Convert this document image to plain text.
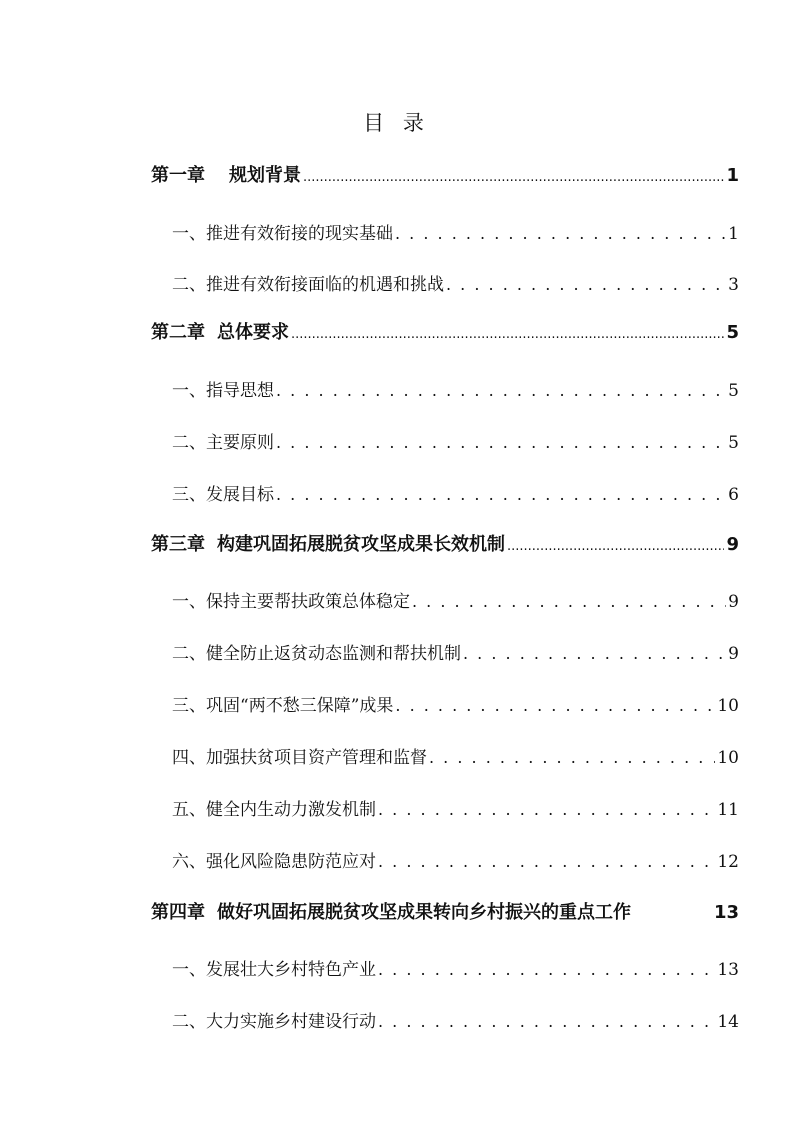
目 录
第一章 规划背景 .....	1
一、推进有效衔接的现实基础 . . .	1
二、推进有效衔接面临的机遇和挑战 . . .	3
第二章 总体要求 .....	5
一、指导思想 . . .	5
二、主要原则 . . .	5
三、发展目标 . . .	6
第三章 构建巩固拓展脱贫攻坚成果长效机制 .....	9
一、保持主要帮扶政策总体稳定 . . .	9
二、健全防止返贫动态监测和帮扶机制 . . .	9
三、巩固“两不愁三保障”成果 . . .	10
四、加强扶贫项目资产管理和监督 . . .	10
五、健全内生动力激发机制 . . .	11
六、强化风险隐患防范应对 . . .	12
第四章 做好巩固拓展脱贫攻坚成果转向乡村振兴的重点工作	13
一、发展壮大乡村特色产业 . . .	13
二、大力实施乡村建设行动 . . .	14
